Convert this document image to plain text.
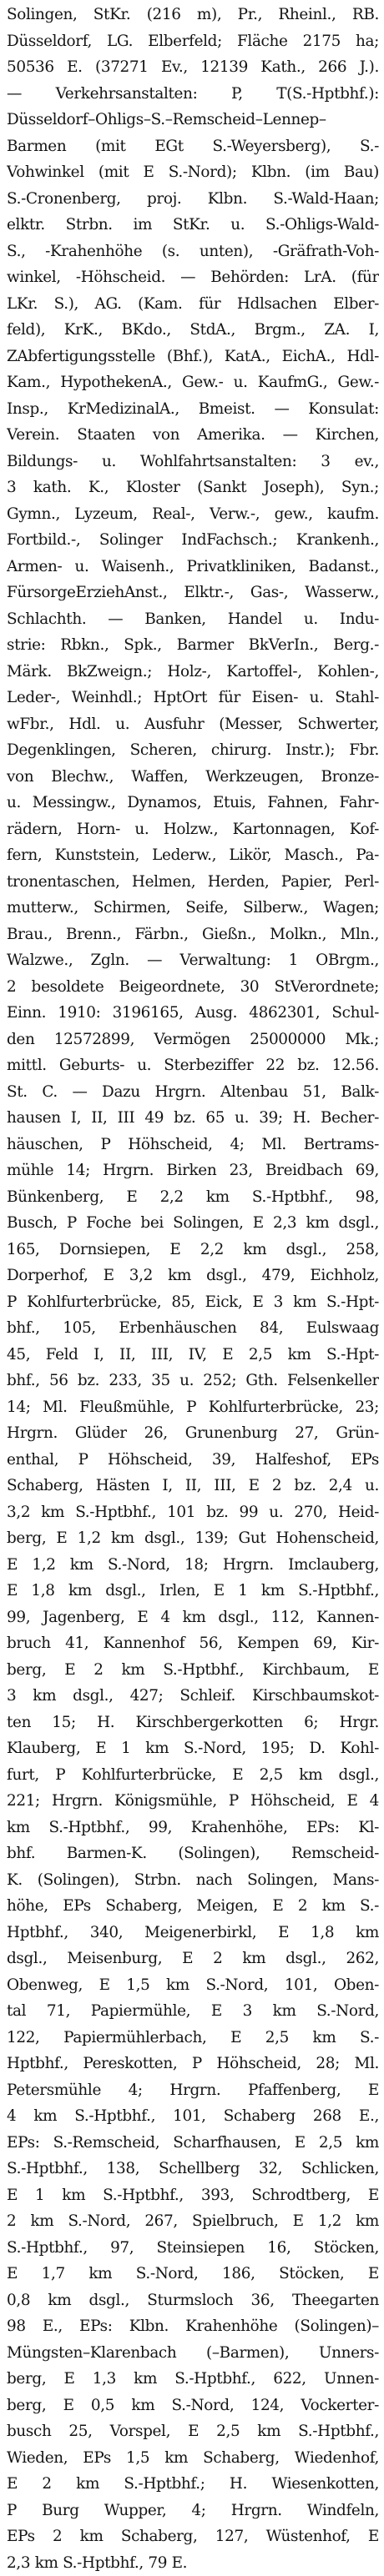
Solingen, StKr. (216 m), Pr., Rheinl., RB.
Düsseldorf, LG. Elberfeld; Fläche 2175 ha;
50536 E. (37271 Ev., 12139 Kath., 266 J.).
— Verkehrsanstalten: P, T(S.-Hptbhf.):
Düsseldorf–Ohligs–S.–Remscheid–Lennep–
Barmen (mit EGt S.-Weyersberg), S.-
Vohwinkel (mit E S.-Nord); Klbn. (im Bau)
S.-Cronenberg, proj. Klbn. S.-Wald-Haan;
elktr. Strbn. im StKr. u. S.-Ohligs-Wald-
S., -Krahenhöhe (s. unten), -Gräfrath-Voh-
winkel, -Höhscheid. — Behörden: LrA. (für
LKr. S.), AG. (Kam. für Hdlsachen Elber-
feld), KrK., BKdo., StdA., Brgm., ZA. I,
ZAbfertigungsstelle (Bhf.), KatA., EichA., Hdl-
Kam., HypothekenA., Gew.- u. KaufmG., Gew.-
Insp., KrMedizinalA., Bmeist. — Konsulat:
Verein. Staaten von Amerika. — Kirchen,
Bildungs- u. Wohlfahrtsanstalten: 3 ev.,
3 kath. K., Kloster (Sankt Joseph), Syn.;
Gymn., Lyzeum, Real-, Verw.-, gew., kaufm.
Fortbild.-, Solinger IndFachsch.; Krankenh.,
Armen- u. Waisenh., Privatkliniken, Badanst.,
FürsorgeErziehAnst., Elktr.-, Gas-, Wasserw.,
Schlachth. — Banken, Handel u. Indu-
strie: Rbkn., Spk., Barmer BkVerIn., Berg.-
Märk. BkZweign.; Holz-, Kartoffel-, Kohlen-,
Leder-, Weinhdl.; HptOrt für Eisen- u. Stahl-
wFbr., Hdl. u. Ausfuhr (Messer, Schwerter,
Degenklingen, Scheren, chirurg. Instr.); Fbr.
von Blechw., Waffen, Werkzeugen, Bronze-
u. Messingw., Dynamos, Etuis, Fahnen, Fahr-
rädern, Horn- u. Holzw., Kartonnagen, Kof-
fern, Kunststein, Lederw., Likör, Masch., Pa-
tronentaschen, Helmen, Herden, Papier, Perl-
mutterw., Schirmen, Seife, Silberw., Wagen;
Brau., Brenn., Färbn., Gießn., Molkn., Mln.,
Walzwe., Zgln. — Verwaltung: 1 OBrgm.,
2 besoldete Beigeordnete, 30 StVerordnete;
Einn. 1910: 3196165, Ausg. 4862301, Schul-
den 12572899, Vermögen 25000000 Mk.;
mittl. Geburts- u. Sterbeziffer 22 bz. 12.56.
St. C. — Dazu Hrgrn. Altenbau 51, Balk-
hausen I, II, III 49 bz. 65 u. 39; H. Becher-
häuschen, P Höhscheid, 4; Ml. Bertrams-
mühle 14; Hrgrn. Birken 23, Breidbach 69,
Bünkenberg, E 2,2 km S.-Hptbhf., 98,
Busch, P Foche bei Solingen, E 2,3 km dsgl.,
165, Dornsiepen, E 2,2 km dsgl., 258,
Dorperhof, E 3,2 km dsgl., 479, Eichholz,
P Kohlfurterbrücke, 85, Eick, E 3 km S.-Hpt-
bhf., 105, Erbenhäuschen 84, Eulswaag
45, Feld I, II, III, IV, E 2,5 km S.-Hpt-
bhf., 56 bz. 233, 35 u. 252; Gth. Felsenkeller
14; Ml. Fleußmühle, P Kohlfurterbrücke, 23;
Hrgrn. Glüder 26, Grunenburg 27, Grün-
enthal, P Höhscheid, 39, Halfeshof, EPs
Schaberg, Hästen I, II, III, E 2 bz. 2,4 u.
3,2 km S.-Hptbhf., 101 bz. 99 u. 270, Heid-
berg, E 1,2 km dsgl., 139; Gut Hohenscheid,
E 1,2 km S.-Nord, 18; Hrgrn. Imclauberg,
E 1,8 km dsgl., Irlen, E 1 km S.-Hptbhf.,
99, Jagenberg, E 4 km dsgl., 112, Kannen-
bruch 41, Kannenhof 56, Kempen 69, Kir-
berg, E 2 km S.-Hptbhf., Kirchbaum, E
3 km dsgl., 427; Schleif. Kirschbaumskot-
ten 15; H. Kirschbergerkotten 6; Hrgr.
Klauberg, E 1 km S.-Nord, 195; D. Kohl-
furt, P Kohlfurterbrücke, E 2,5 km dsgl.,
221; Hrgrn. Königsmühle, P Höhscheid, E 4
km S.-Hptbhf., 99, Krahenhöhe, EPs: Kl-
bhf. Barmen-K. (Solingen), Remscheid-
K. (Solingen), Strbn. nach Solingen, Mans-
höhe, EPs Schaberg, Meigen, E 2 km S.-
Hptbhf., 340, Meigenerbirkl, E 1,8 km
dsgl., Meisenburg, E 2 km dsgl., 262,
Obenweg, E 1,5 km S.-Nord, 101, Oben-
tal 71, Papiermühle, E 3 km S.-Nord,
122, Papiermühlerbach, E 2,5 km S.-
Hptbhf., Pereskotten, P Höhscheid, 28; Ml.
Petersmühle 4; Hrgrn. Pfaffenberg, E
4 km S.-Hptbhf., 101, Schaberg 268 E.,
EPs: S.-Remscheid, Scharfhausen, E 2,5 km
S.-Hptbhf., 138, Schellberg 32, Schlicken,
E 1 km S.-Hptbhf., 393, Schrodtberg, E
2 km S.-Nord, 267, Spielbruch, E 1,2 km
S.-Hptbhf., 97, Steinsiepen 16, Stöcken,
E 1,7 km S.-Nord, 186, Stöcken, E
0,8 km dsgl., Sturmsloch 36, Theegarten
98 E., EPs: Klbn. Krahenhöhe (Solingen)–
Müngsten–Klarenbach (–Barmen), Unners-
berg, E 1,3 km S.-Hptbhf., 622, Unnen-
berg, E 0,5 km S.-Nord, 124, Vockerter-
busch 25, Vorspel, E 2,5 km S.-Hptbhf.,
Wieden, EPs 1,5 km Schaberg, Wiedenhof,
E 2 km S.-Hptbhf.; H. Wiesenkotten,
P Burg Wupper, 4; Hrgrn. Windfeln,
EPs 2 km Schaberg, 127, Wüstenhof, E
2,3 km S.-Hptbhf., 79 E.
